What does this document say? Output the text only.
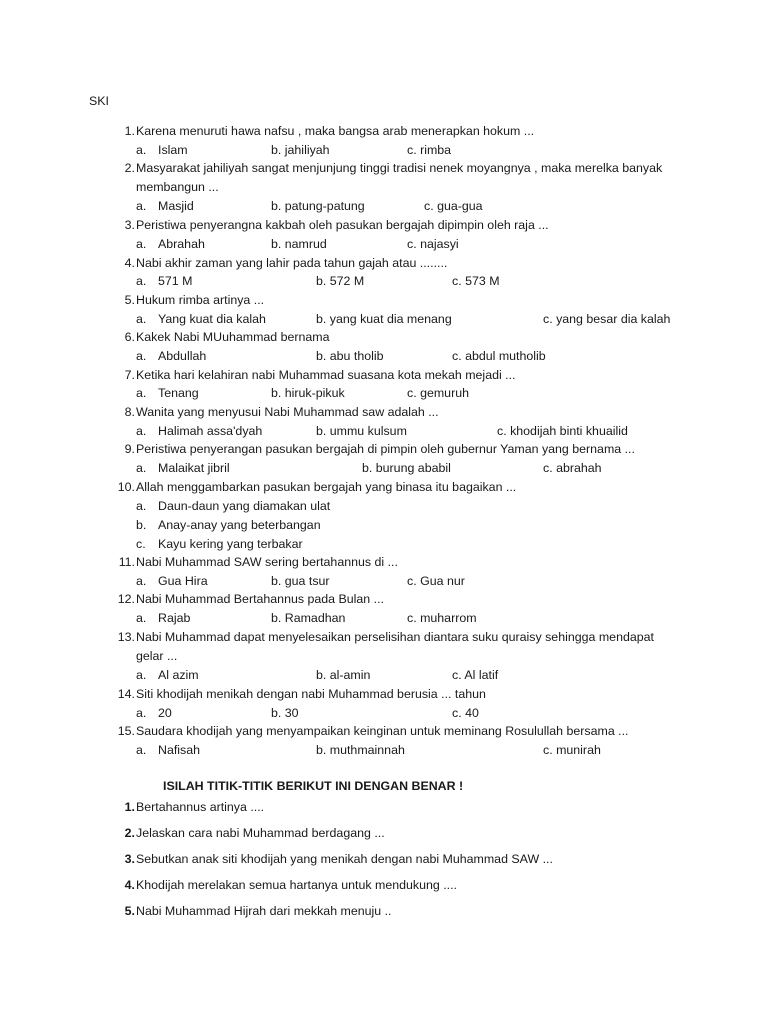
SKI
1. Karena menuruti hawa nafsu , maka bangsa arab menerapkan hokum ...
a. Islam	b. jahiliyah	c. rimba
2. Masyarakat jahiliyah sangat menjunjung tinggi tradisi nenek moyangnya , maka merelka banyak
membangun ...
a. Masjid	b. patung-patung	c. gua-gua
3. Peristiwa penyerangna kakbah oleh pasukan bergajah dipimpin oleh raja ...
a. Abrahah	b. namrud	c. najasyi
4. Nabi akhir zaman yang lahir pada tahun gajah atau ........
a. 571 M	b. 572 M	c. 573 M
5. Hukum rimba artinya ...
a. Yang kuat dia kalah	b. yang kuat dia menang	c. yang besar dia kalah
6. Kakek Nabi MUuhammad bernama
a. Abdullah	b. abu tholib	c. abdul mutholib
7. Ketika hari kelahiran nabi Muhammad suasana kota mekah mejadi ...
a. Tenang	b. hiruk-pikuk	c. gemuruh
8. Wanita yang menyusui Nabi Muhammad saw adalah ...
a. Halimah assa'dyah	b. ummu kulsum	c. khodijah binti khuailid
9. Peristiwa penyerangan pasukan bergajah di pimpin oleh gubernur Yaman yang bernama ...
a. Malaikat jibril	b. burung ababil	c. abrahah
10. Allah menggambarkan pasukan bergajah yang binasa itu bagaikan ...
a. Daun-daun yang diamakan ulat
b. Anay-anay yang beterbangan
c. Kayu kering yang terbakar
11. Nabi Muhammad SAW sering bertahannus di ...
a. Gua Hira	b. gua tsur	c. Gua nur
12. Nabi Muhammad Bertahannus pada Bulan ...
a. Rajab	b. Ramadhan	c. muharrom
13. Nabi Muhammad dapat menyelesaikan perselisihan diantara suku quraisy sehingga mendapat
gelar ...
a. Al azim	b. al-amin	c. Al latif
14. Siti khodijah menikah dengan nabi Muhammad berusia ... tahun
a. 20	b. 30	c. 40
15. Saudara khodijah yang menyampaikan keinginan untuk meminang Rosulullah bersama ...
a. Nafisah	b. muthmainnah	c. munirah
ISILAH TITIK-TITIK BERIKUT INI DENGAN BENAR !
1. Bertahannus artinya ....
2. Jelaskan cara nabi Muhammad berdagang ...
3. Sebutkan anak siti khodijah yang menikah dengan nabi Muhammad SAW ...
4. Khodijah merelakan semua hartanya untuk mendukung ....
5. Nabi Muhammad Hijrah dari mekkah menuju ..
